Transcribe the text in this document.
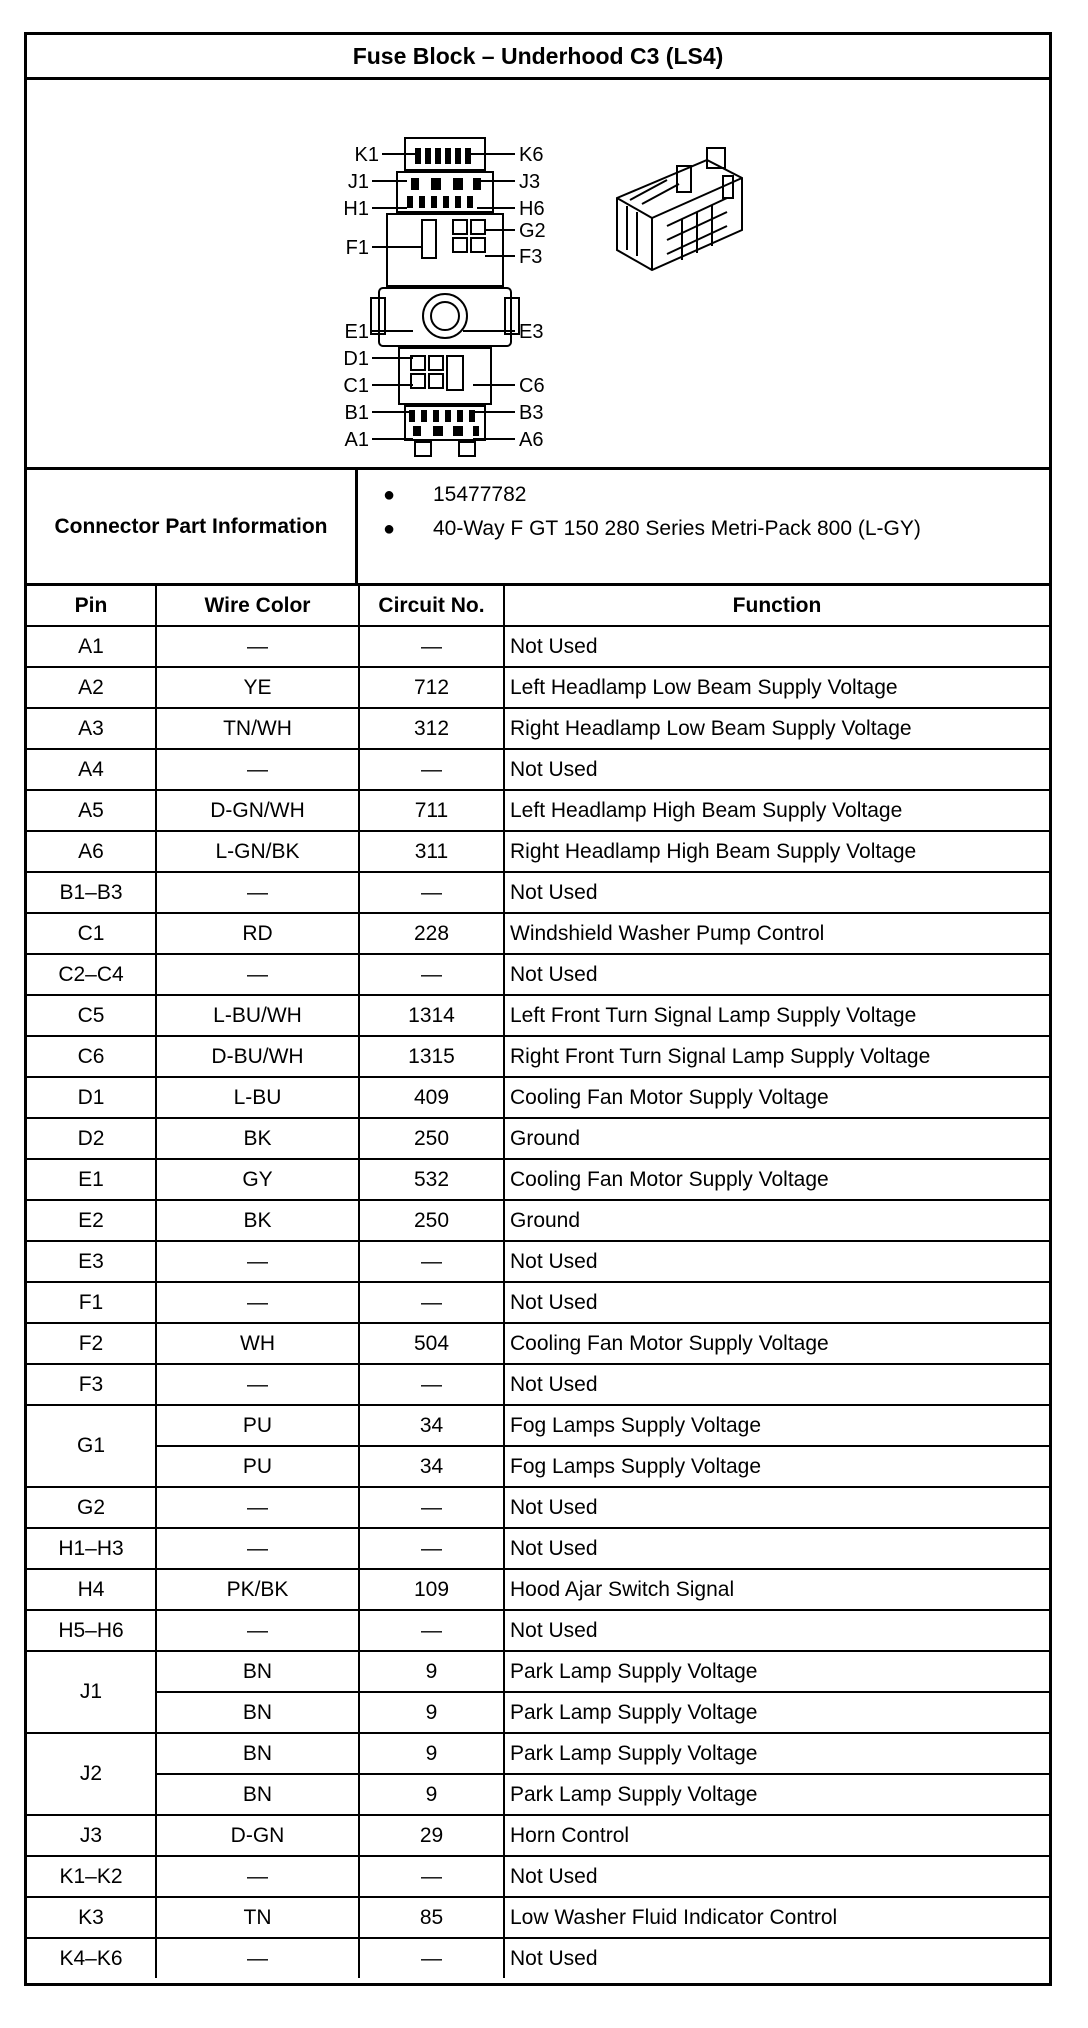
Fuse Block – Underhood C3 (LS4)
K1
J1
H1
F1
E1
D1
C1
B1
A1
K6
J3
H6
G2
F3
E3
C6
B3
A6
Connector Part Information
● 15477782
● 40-Way F GT 150 280 Series Metri-Pack 800 (L-GY)
Pin	Wire Color	Circuit No.	Function
A1	—	—	Not Used
A2	YE	712	Left Headlamp Low Beam Supply Voltage
A3	TN/WH	312	Right Headlamp Low Beam Supply Voltage
A4	—	—	Not Used
A5	D-GN/WH	711	Left Headlamp High Beam Supply Voltage
A6	L-GN/BK	311	Right Headlamp High Beam Supply Voltage
B1–B3	—	—	Not Used
C1	RD	228	Windshield Washer Pump Control
C2–C4	—	—	Not Used
C5	L-BU/WH	1314	Left Front Turn Signal Lamp Supply Voltage
C6	D-BU/WH	1315	Right Front Turn Signal Lamp Supply Voltage
D1	L-BU	409	Cooling Fan Motor Supply Voltage
D2	BK	250	Ground
E1	GY	532	Cooling Fan Motor Supply Voltage
E2	BK	250	Ground
E3	—	—	Not Used
F1	—	—	Not Used
F2	WH	504	Cooling Fan Motor Supply Voltage
F3	—	—	Not Used
G1	PU	34	Fog Lamps Supply Voltage
	PU	34	Fog Lamps Supply Voltage
G2	—	—	Not Used
H1–H3	—	—	Not Used
H4	PK/BK	109	Hood Ajar Switch Signal
H5–H6	—	—	Not Used
J1	BN	9	Park Lamp Supply Voltage
	BN	9	Park Lamp Supply Voltage
J2	BN	9	Park Lamp Supply Voltage
	BN	9	Park Lamp Supply Voltage
J3	D-GN	29	Horn Control
K1–K2	—	—	Not Used
K3	TN	85	Low Washer Fluid Indicator Control
K4–K6	—	—	Not Used
